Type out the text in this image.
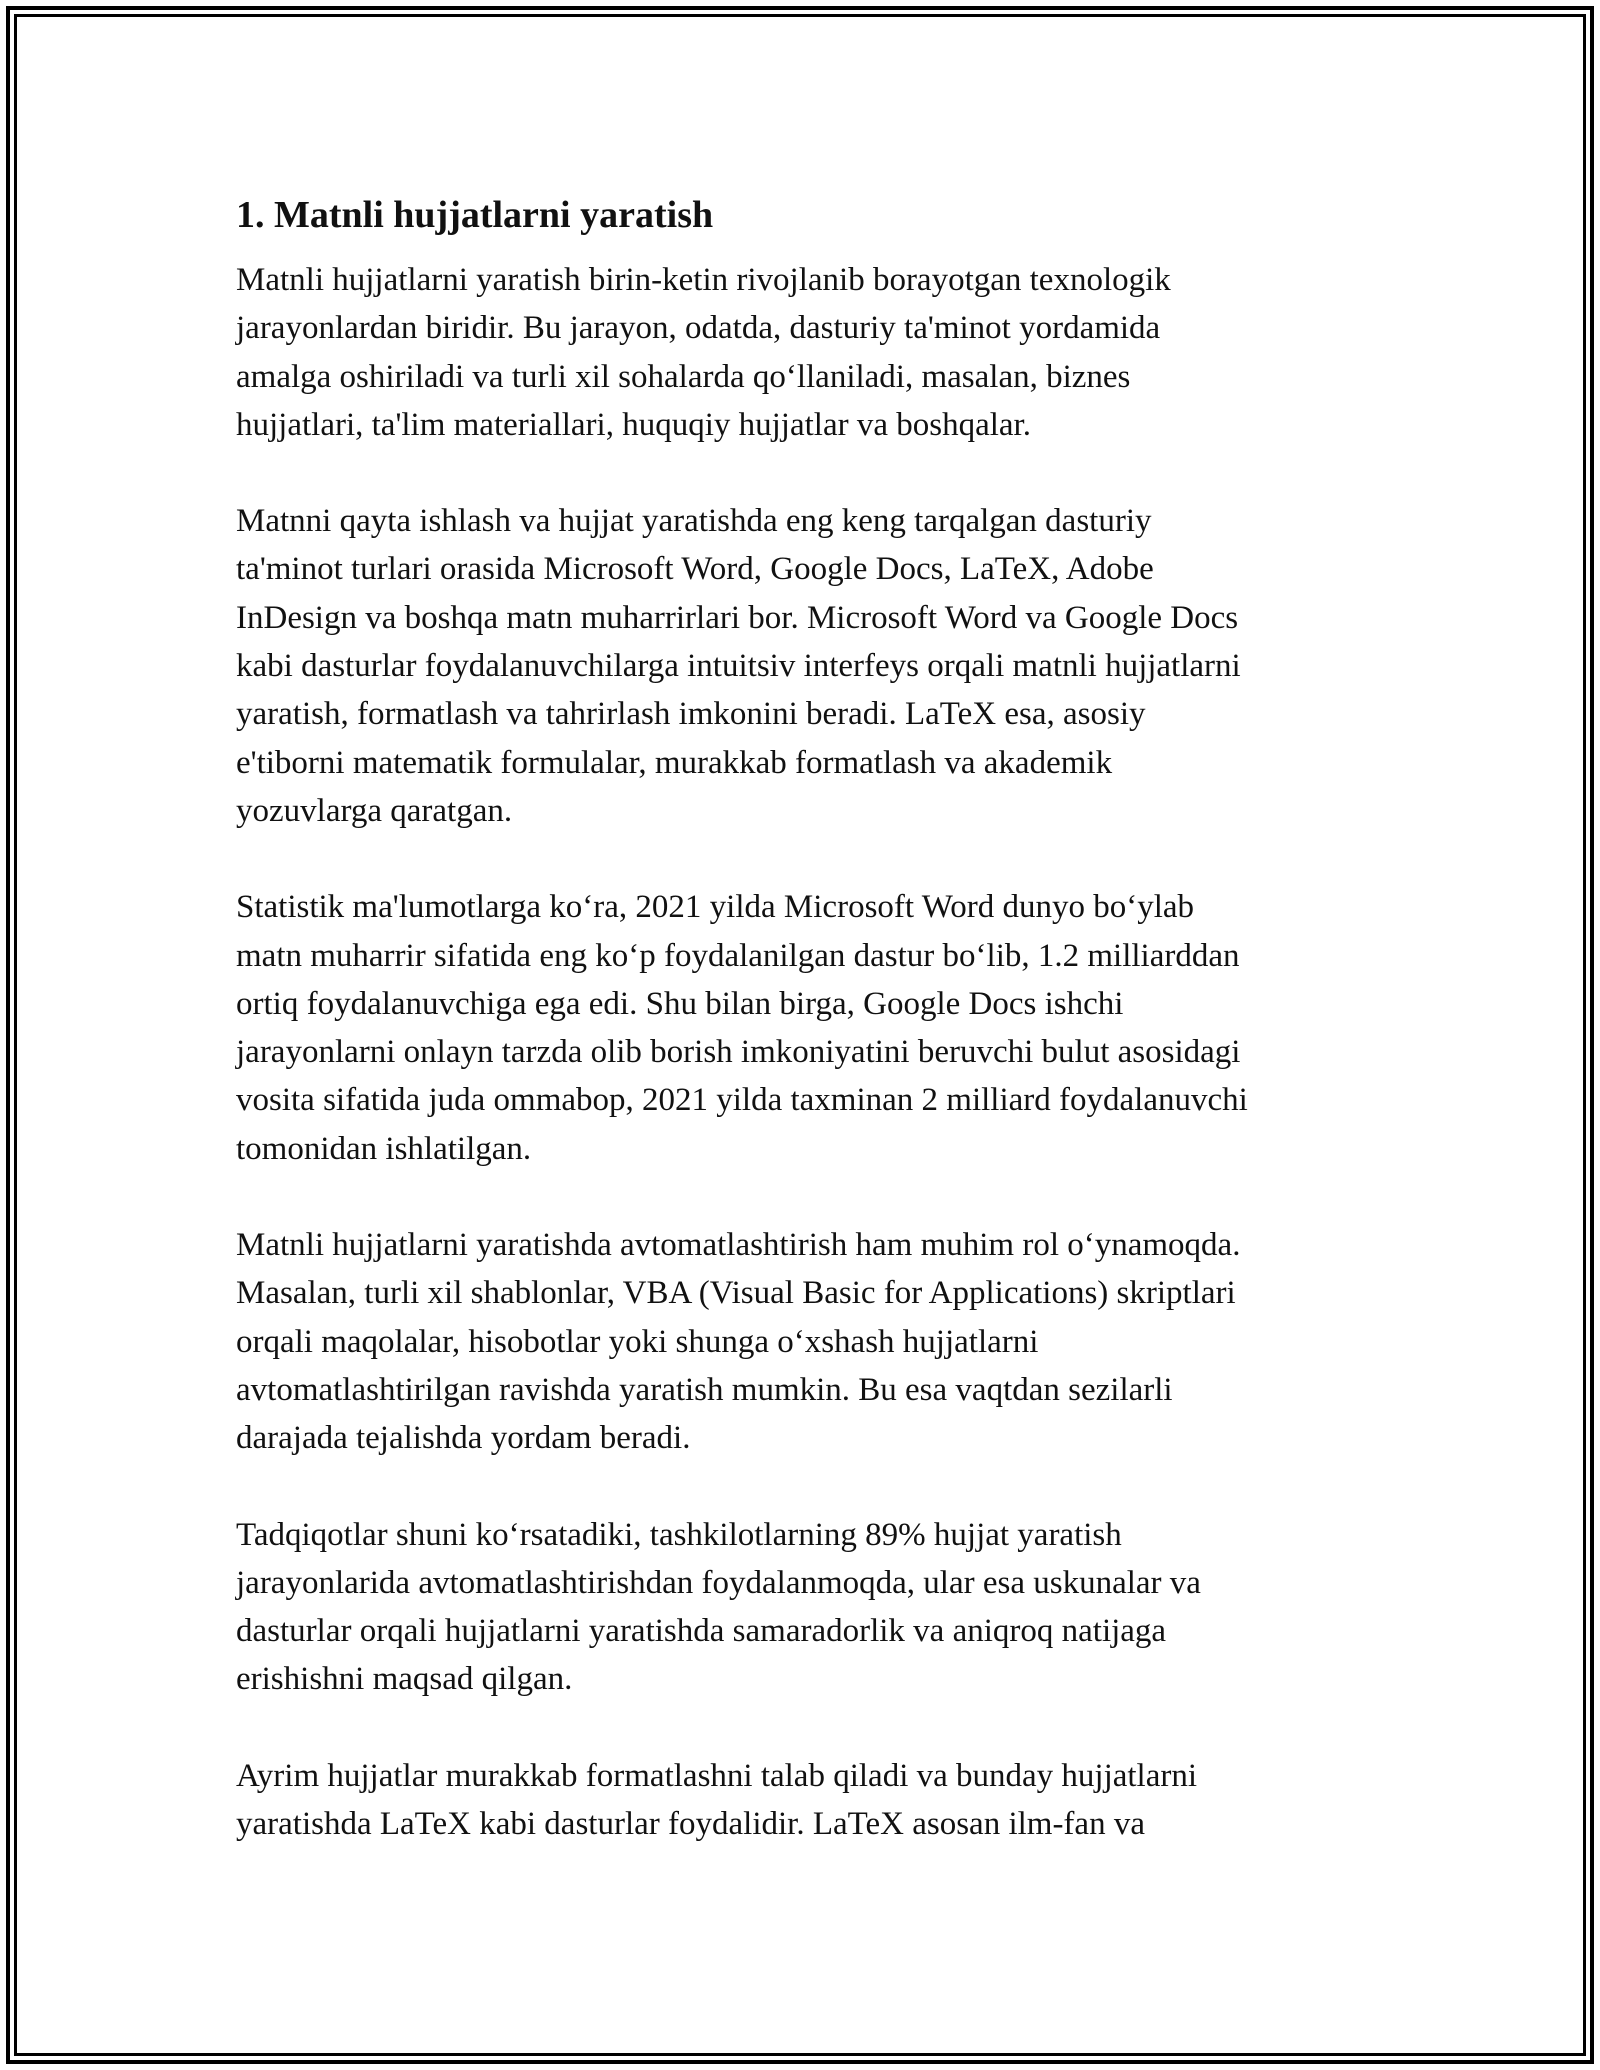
1. Matnli hujjatlarni yaratish

Matnli hujjatlarni yaratish birin-ketin rivojlanib borayotgan texnologik
jarayonlardan biridir. Bu jarayon, odatda, dasturiy ta'minot yordamida
amalga oshiriladi va turli xil sohalarda qo‘llaniladi, masalan, biznes
hujjatlari, ta'lim materiallari, huquqiy hujjatlar va boshqalar.

Matnni qayta ishlash va hujjat yaratishda eng keng tarqalgan dasturiy
ta'minot turlari orasida Microsoft Word, Google Docs, LaTeX, Adobe
InDesign va boshqa matn muharrirlari bor. Microsoft Word va Google Docs
kabi dasturlar foydalanuvchilarga intuitsiv interfeys orqali matnli hujjatlarni
yaratish, formatlash va tahrirlash imkonini beradi. LaTeX esa, asosiy
e'tiborni matematik formulalar, murakkab formatlash va akademik
yozuvlarga qaratgan.

Statistik ma'lumotlarga ko‘ra, 2021 yilda Microsoft Word dunyo bo‘ylab
matn muharrir sifatida eng ko‘p foydalanilgan dastur bo‘lib, 1.2 milliarddan
ortiq foydalanuvchiga ega edi. Shu bilan birga, Google Docs ishchi
jarayonlarni onlayn tarzda olib borish imkoniyatini beruvchi bulut asosidagi
vosita sifatida juda ommabop, 2021 yilda taxminan 2 milliard foydalanuvchi
tomonidan ishlatilgan.

Matnli hujjatlarni yaratishda avtomatlashtirish ham muhim rol o‘ynamoqda.
Masalan, turli xil shablonlar, VBA (Visual Basic for Applications) skriptlari
orqali maqolalar, hisobotlar yoki shunga o‘xshash hujjatlarni
avtomatlashtirilgan ravishda yaratish mumkin. Bu esa vaqtdan sezilarli
darajada tejalishda yordam beradi.

Tadqiqotlar shuni ko‘rsatadiki, tashkilotlarning 89% hujjat yaratish
jarayonlarida avtomatlashtirishdan foydalanmoqda, ular esa uskunalar va
dasturlar orqali hujjatlarni yaratishda samaradorlik va aniqroq natijaga
erishishni maqsad qilgan.

Ayrim hujjatlar murakkab formatlashni talab qiladi va bunday hujjatlarni
yaratishda LaTeX kabi dasturlar foydalidir. LaTeX asosan ilm-fan va
